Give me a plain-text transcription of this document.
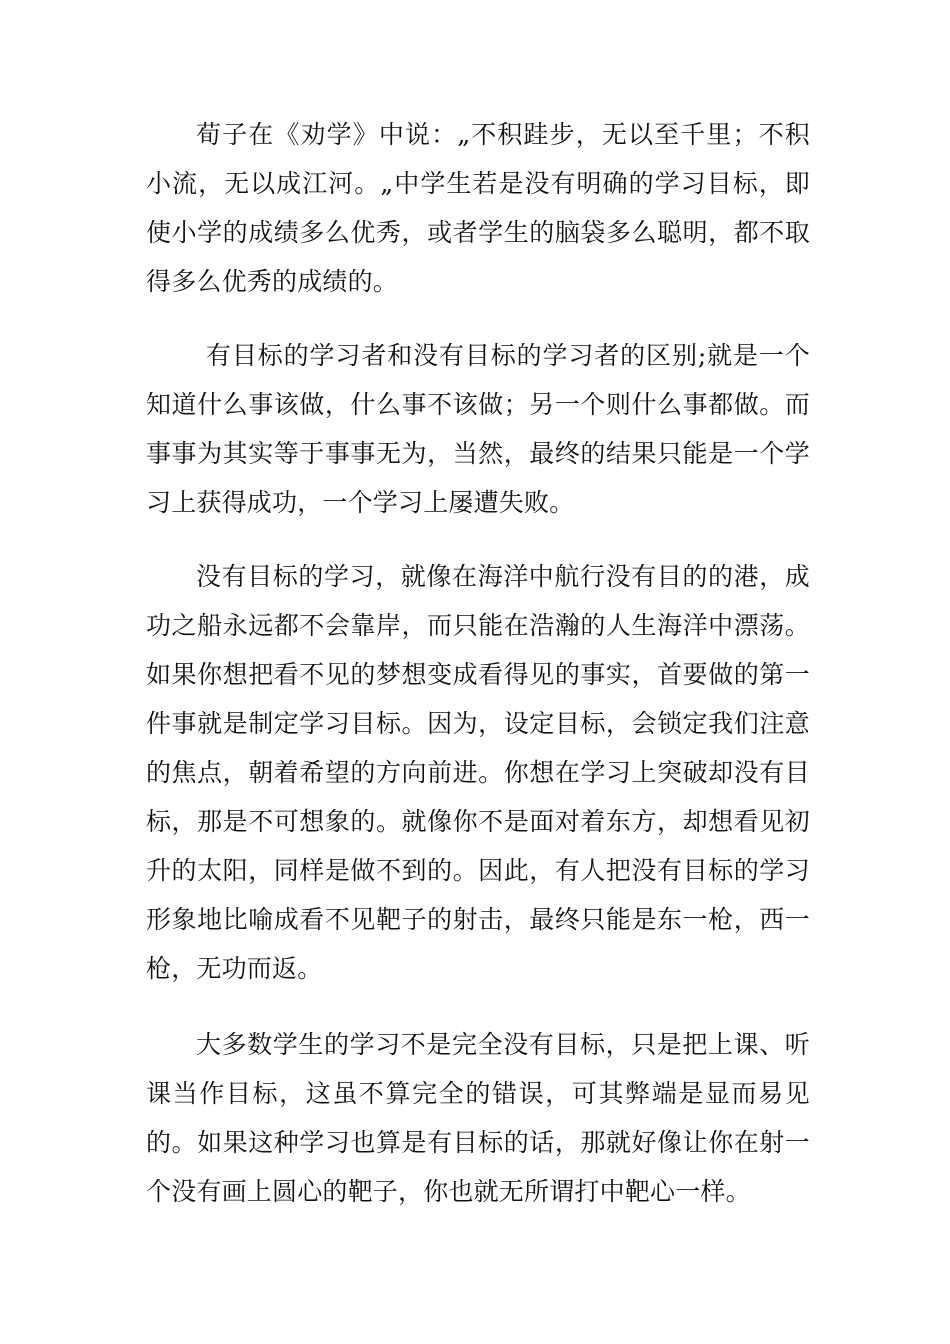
荀子在《劝学》中说：„不积跬步，无以至千里；不积小流，无以成江河。„中学生若是没有明确的学习目标，即使小学的成绩多么优秀，或者学生的脑袋多么聪明，都不取得多么优秀的成绩的。

有目标的学习者和没有目标的学习者的区别;就是一个知道什么事该做，什么事不该做；另一个则什么事都做。而事事为其实等于事事无为，当然，最终的结果只能是一个学习上获得成功，一个学习上屡遭失败。

没有目标的学习，就像在海洋中航行没有目的的港，成功之船永远都不会靠岸，而只能在浩瀚的人生海洋中漂荡。如果你想把看不见的梦想变成看得见的事实，首要做的第一件事就是制定学习目标。因为，设定目标，会锁定我们注意的焦点，朝着希望的方向前进。你想在学习上突破却没有目标，那是不可想象的。就像你不是面对着东方，却想看见初升的太阳，同样是做不到的。因此，有人把没有目标的学习形象地比喻成看不见靶子的射击，最终只能是东一枪，西一枪，无功而返。

大多数学生的学习不是完全没有目标，只是把上课、听课当作目标，这虽不算完全的错误，可其弊端是显而易见的。如果这种学习也算是有目标的话，那就好像让你在射一个没有画上圆心的靶子，你也就无所谓打中靶心一样。
